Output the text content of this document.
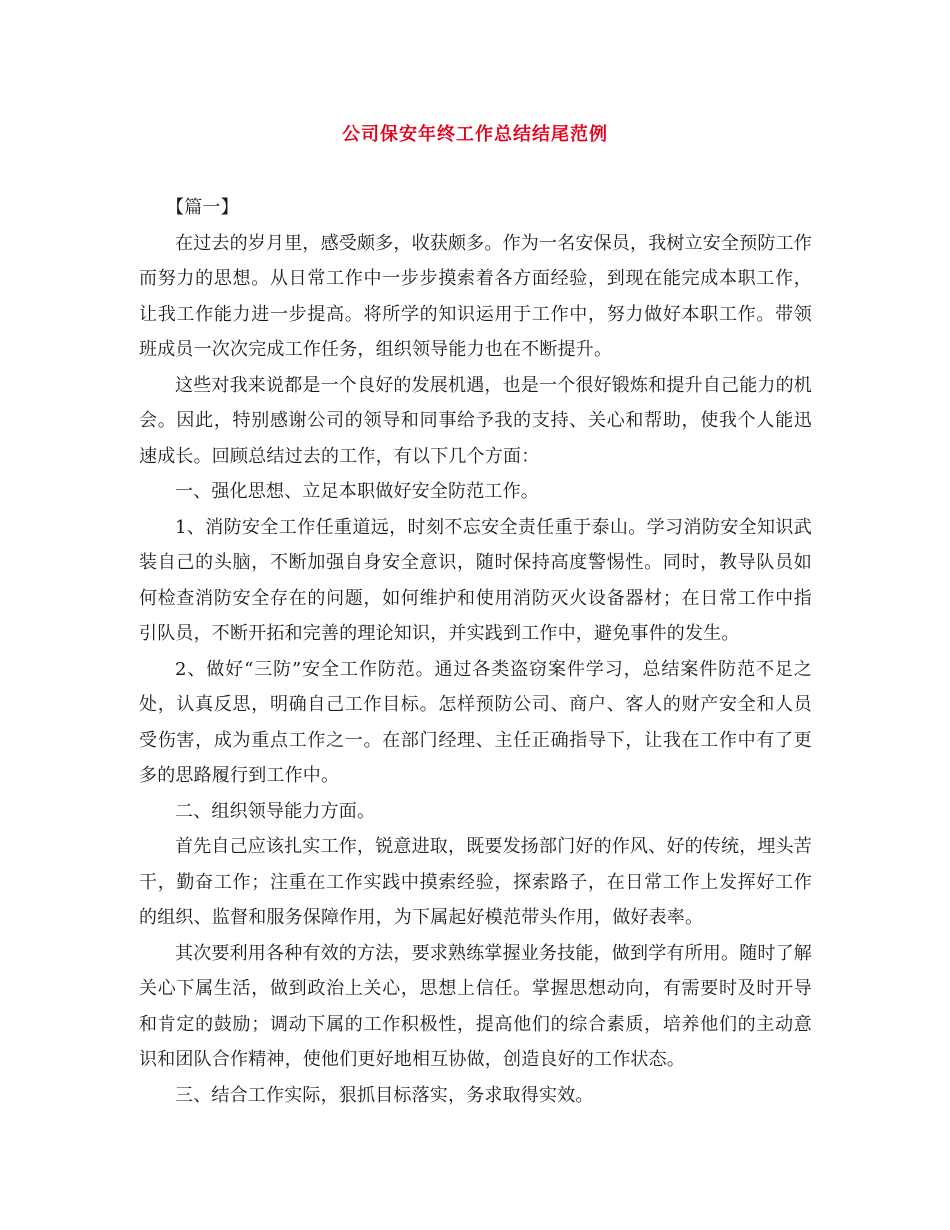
公司保安年终工作总结结尾范例

【篇一】

在过去的岁月里，感受颇多，收获颇多。作为一名安保员，我树立安全预防工作而努力的思想。从日常工作中一步步摸索着各方面经验，到现在能完成本职工作，让我工作能力进一步提高。将所学的知识运用于工作中，努力做好本职工作。带领班成员一次次完成工作任务，组织领导能力也在不断提升。

这些对我来说都是一个良好的发展机遇，也是一个很好锻炼和提升自己能力的机会。因此，特别感谢公司的领导和同事给予我的支持、关心和帮助，使我个人能迅速成长。回顾总结过去的工作，有以下几个方面：

一、强化思想、立足本职做好安全防范工作。

1、消防安全工作任重道远，时刻不忘安全责任重于泰山。学习消防安全知识武装自己的头脑，不断加强自身安全意识，随时保持高度警惕性。同时，教导队员如何检查消防安全存在的问题，如何维护和使用消防灭火设备器材；在日常工作中指引队员，不断开拓和完善的理论知识，并实践到工作中，避免事件的发生。

2、做好“三防”安全工作防范。通过各类盗窃案件学习，总结案件防范不足之处，认真反思，明确自己工作目标。怎样预防公司、商户、客人的财产安全和人员受伤害，成为重点工作之一。在部门经理、主任正确指导下，让我在工作中有了更多的思路履行到工作中。

二、组织领导能力方面。

首先自己应该扎实工作，锐意进取，既要发扬部门好的作风、好的传统，埋头苦干，勤奋工作；注重在工作实践中摸索经验，探索路子，在日常工作上发挥好工作的组织、监督和服务保障作用，为下属起好模范带头作用，做好表率。

其次要利用各种有效的方法，要求熟练掌握业务技能，做到学有所用。随时了解关心下属生活，做到政治上关心，思想上信任。掌握思想动向，有需要时及时开导和肯定的鼓励；调动下属的工作积极性，提高他们的综合素质，培养他们的主动意识和团队合作精神，使他们更好地相互协做，创造良好的工作状态。

三、结合工作实际，狠抓目标落实，务求取得实效。
